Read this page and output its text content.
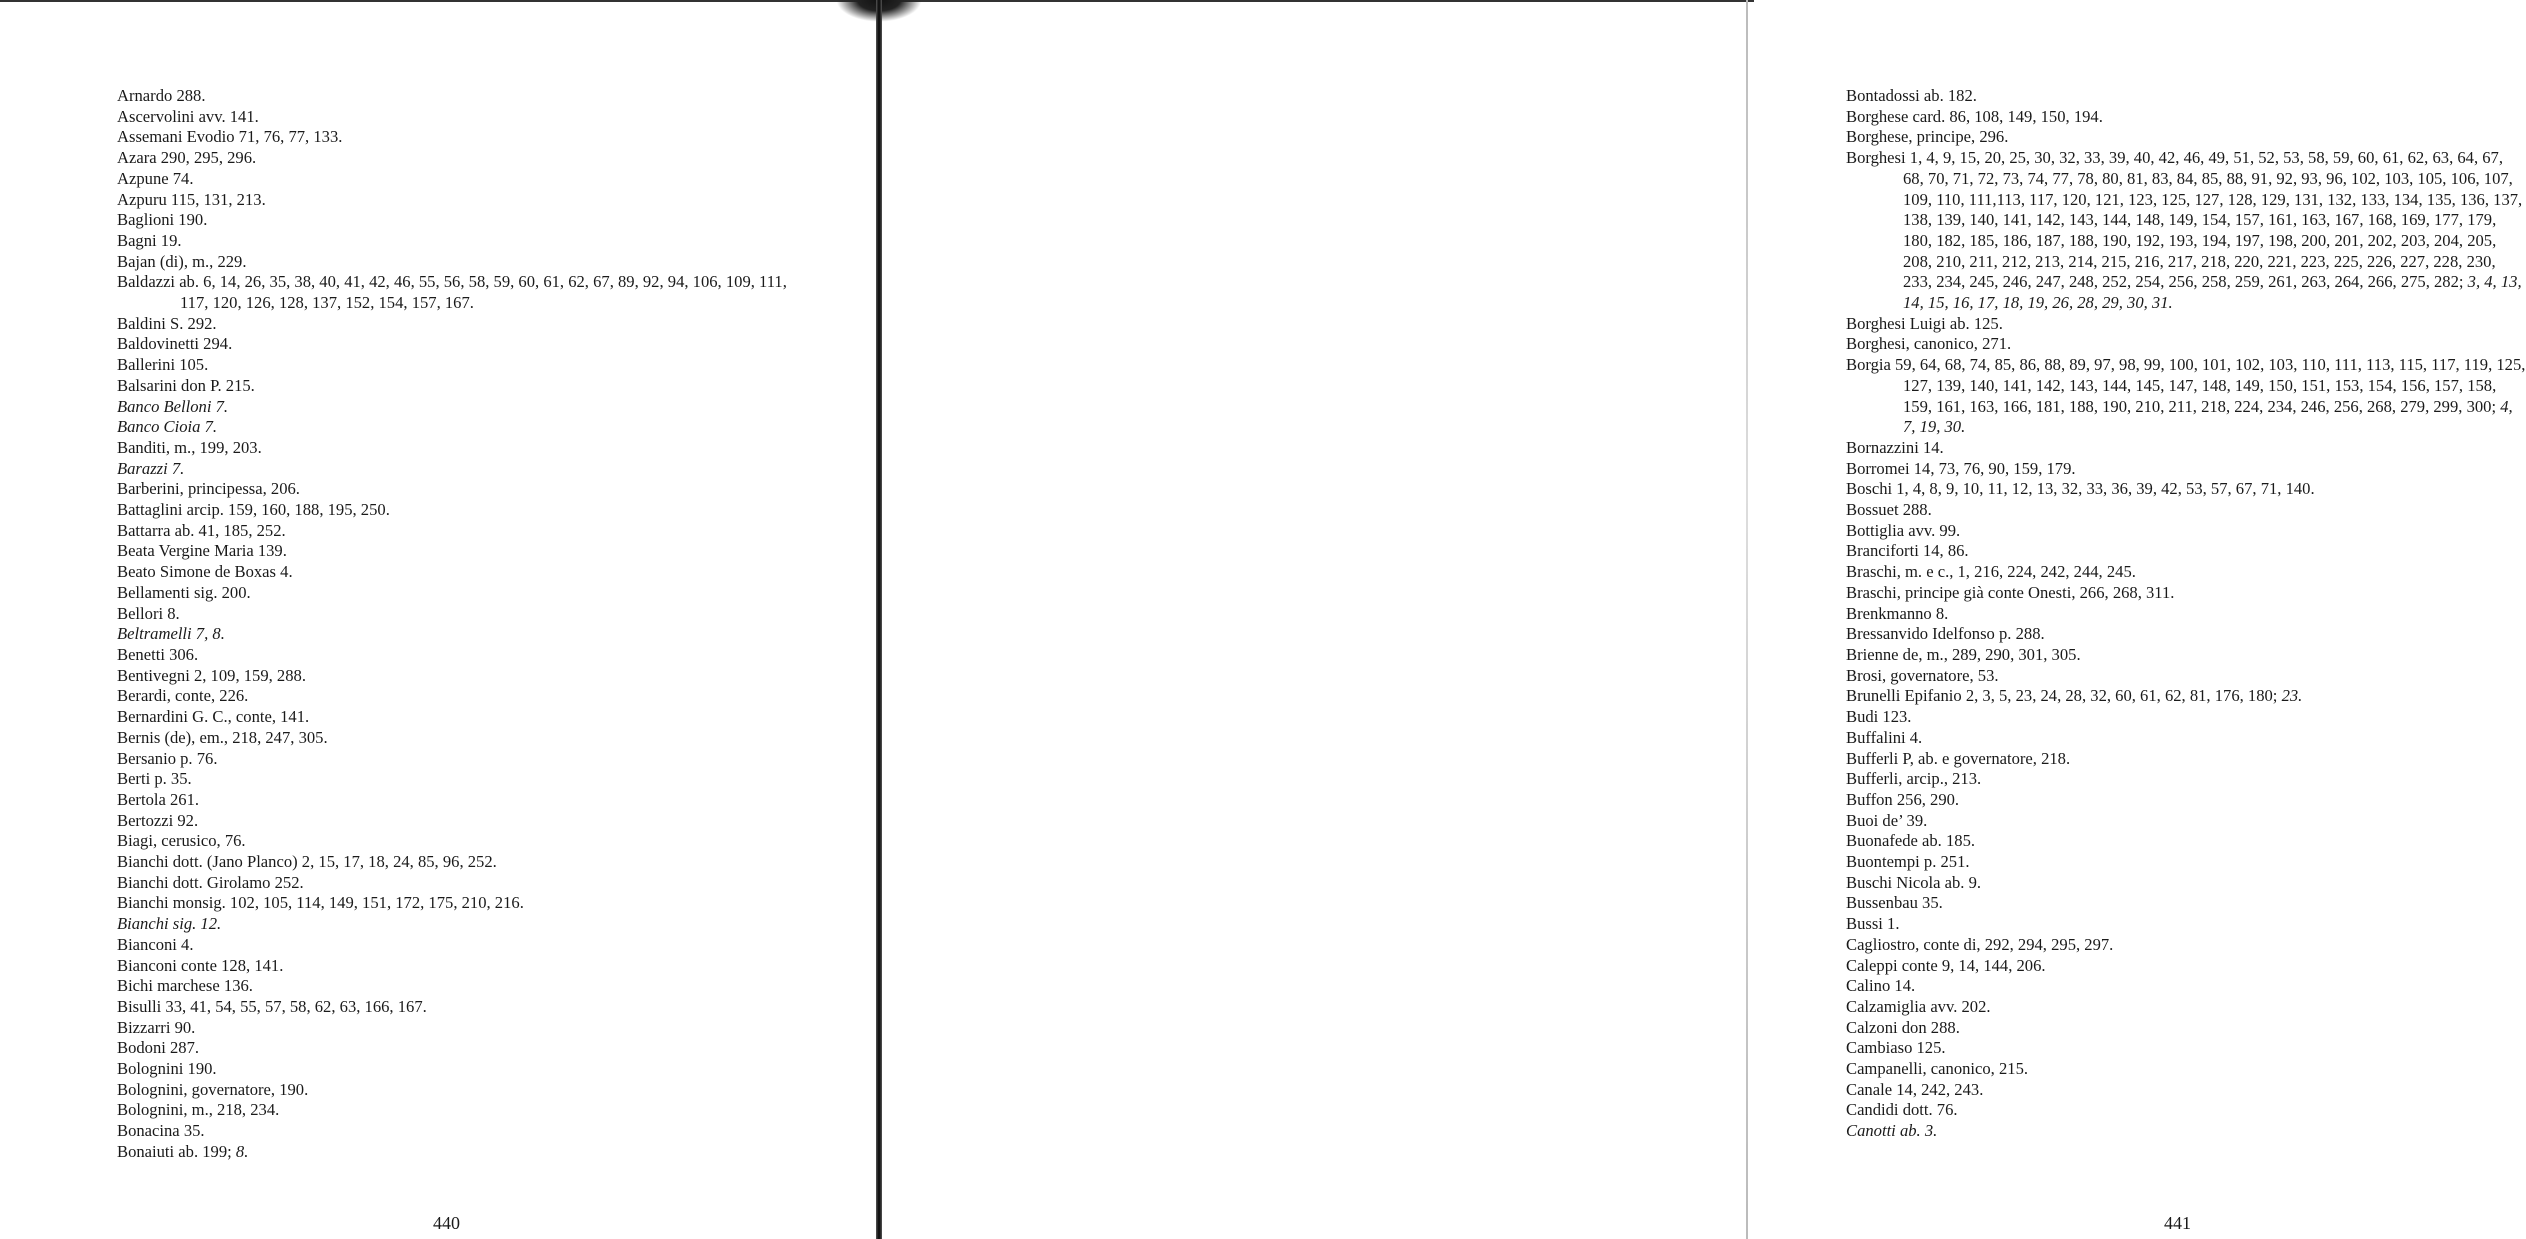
Arnardo 288.
Ascervolini avv. 141.
Assemani Evodio 71, 76, 77, 133.
Azara 290, 295, 296.
Azpune 74.
Azpuru 115, 131, 213.
Baglioni 190.
Bagni 19.
Bajan (di), m., 229.
Baldazzi ab. 6, 14, 26, 35, 38, 40, 41, 42, 46, 55, 56, 58, 59, 60, 61, 62, 67, 89, 92, 94, 106, 109, 111, 117, 120, 126, 128, 137, 152, 154, 157, 167.
Baldini S. 292.
Baldovinetti 294.
Ballerini 105.
Balsarini don P. 215.
Banco Belloni 7.
Banco Cioia 7.
Banditi, m., 199, 203.
Barazzi 7.
Barberini, principessa, 206.
Battaglini arcip. 159, 160, 188, 195, 250.
Battarra ab. 41, 185, 252.
Beata Vergine Maria 139.
Beato Simone de Boxas 4.
Bellamenti sig. 200.
Bellori 8.
Beltramelli 7, 8.
Benetti 306.
Bentivegni 2, 109, 159, 288.
Berardi, conte, 226.
Bernardini G. C., conte, 141.
Bernis (de), em., 218, 247, 305.
Bersanio p. 76.
Berti p. 35.
Bertola 261.
Bertozzi 92.
Biagi, cerusico, 76.
Bianchi dott. (Jano Planco) 2, 15, 17, 18, 24, 85, 96, 252.
Bianchi dott. Girolamo 252.
Bianchi monsig. 102, 105, 114, 149, 151, 172, 175, 210, 216.
Bianchi sig. 12.
Bianconi 4.
Bianconi conte 128, 141.
Bichi marchese 136.
Bisulli 33, 41, 54, 55, 57, 58, 62, 63, 166, 167.
Bizzarri 90.
Bodoni 287.
Bolognini 190.
Bolognini, governatore, 190.
Bolognini, m., 218, 234.
Bonacina 35.
Bonaiuti ab. 199; 8.
440
Bontadossi ab. 182.
Borghese card. 86, 108, 149, 150, 194.
Borghese, principe, 296.
Borghesi 1, 4, 9, 15, 20, 25, 30, 32, 33, 39, 40, 42, 46, 49, 51, 52, 53, 58, 59, 60, 61, 62, 63, 64, 67, 68, 70, 71, 72, 73, 74, 77, 78, 80, 81, 83, 84, 85, 88, 91, 92, 93, 96, 102, 103, 105, 106, 107, 109, 110, 111,113, 117, 120, 121, 123, 125, 127, 128, 129, 131, 132, 133, 134, 135, 136, 137, 138, 139, 140, 141, 142, 143, 144, 148, 149, 154, 157, 161, 163, 167, 168, 169, 177, 179, 180, 182, 185, 186, 187, 188, 190, 192, 193, 194, 197, 198, 200, 201, 202, 203, 204, 205, 208, 210, 211, 212, 213, 214, 215, 216, 217, 218, 220, 221, 223, 225, 226, 227, 228, 230, 233, 234, 245, 246, 247, 248, 252, 254, 256, 258, 259, 261, 263, 264, 266, 275, 282; 3, 4, 13, 14, 15, 16, 17, 18, 19, 26, 28, 29, 30, 31.
Borghesi Luigi ab. 125.
Borghesi, canonico, 271.
Borgia 59, 64, 68, 74, 85, 86, 88, 89, 97, 98, 99, 100, 101, 102, 103, 110, 111, 113, 115, 117, 119, 125, 127, 139, 140, 141, 142, 143, 144, 145, 147, 148, 149, 150, 151, 153, 154, 156, 157, 158, 159, 161, 163, 166, 181, 188, 190, 210, 211, 218, 224, 234, 246, 256, 268, 279, 299, 300; 4, 7, 19, 30.
Bornazzini 14.
Borromei 14, 73, 76, 90, 159, 179.
Boschi 1, 4, 8, 9, 10, 11, 12, 13, 32, 33, 36, 39, 42, 53, 57, 67, 71, 140.
Bossuet 288.
Bottiglia avv. 99.
Branciforti 14, 86.
Braschi, m. e c., 1, 216, 224, 242, 244, 245.
Braschi, principe già conte Onesti, 266, 268, 311.
Brenkmanno 8.
Bressanvido Idelfonso p. 288.
Brienne de, m., 289, 290, 301, 305.
Brosi, governatore, 53.
Brunelli Epifanio 2, 3, 5, 23, 24, 28, 32, 60, 61, 62, 81, 176, 180; 23.
Budi 123.
Buffalini 4.
Bufferli P, ab. e governatore, 218.
Bufferli, arcip., 213.
Buffon 256, 290.
Buoi de’ 39.
Buonafede ab. 185.
Buontempi p. 251.
Buschi Nicola ab. 9.
Bussenbau 35.
Bussi 1.
Cagliostro, conte di, 292, 294, 295, 297.
Caleppi conte 9, 14, 144, 206.
Calino 14.
Calzamiglia avv. 202.
Calzoni don 288.
Cambiaso 125.
Campanelli, canonico, 215.
Canale 14, 242, 243.
Candidi dott. 76.
Canotti ab. 3.
441
